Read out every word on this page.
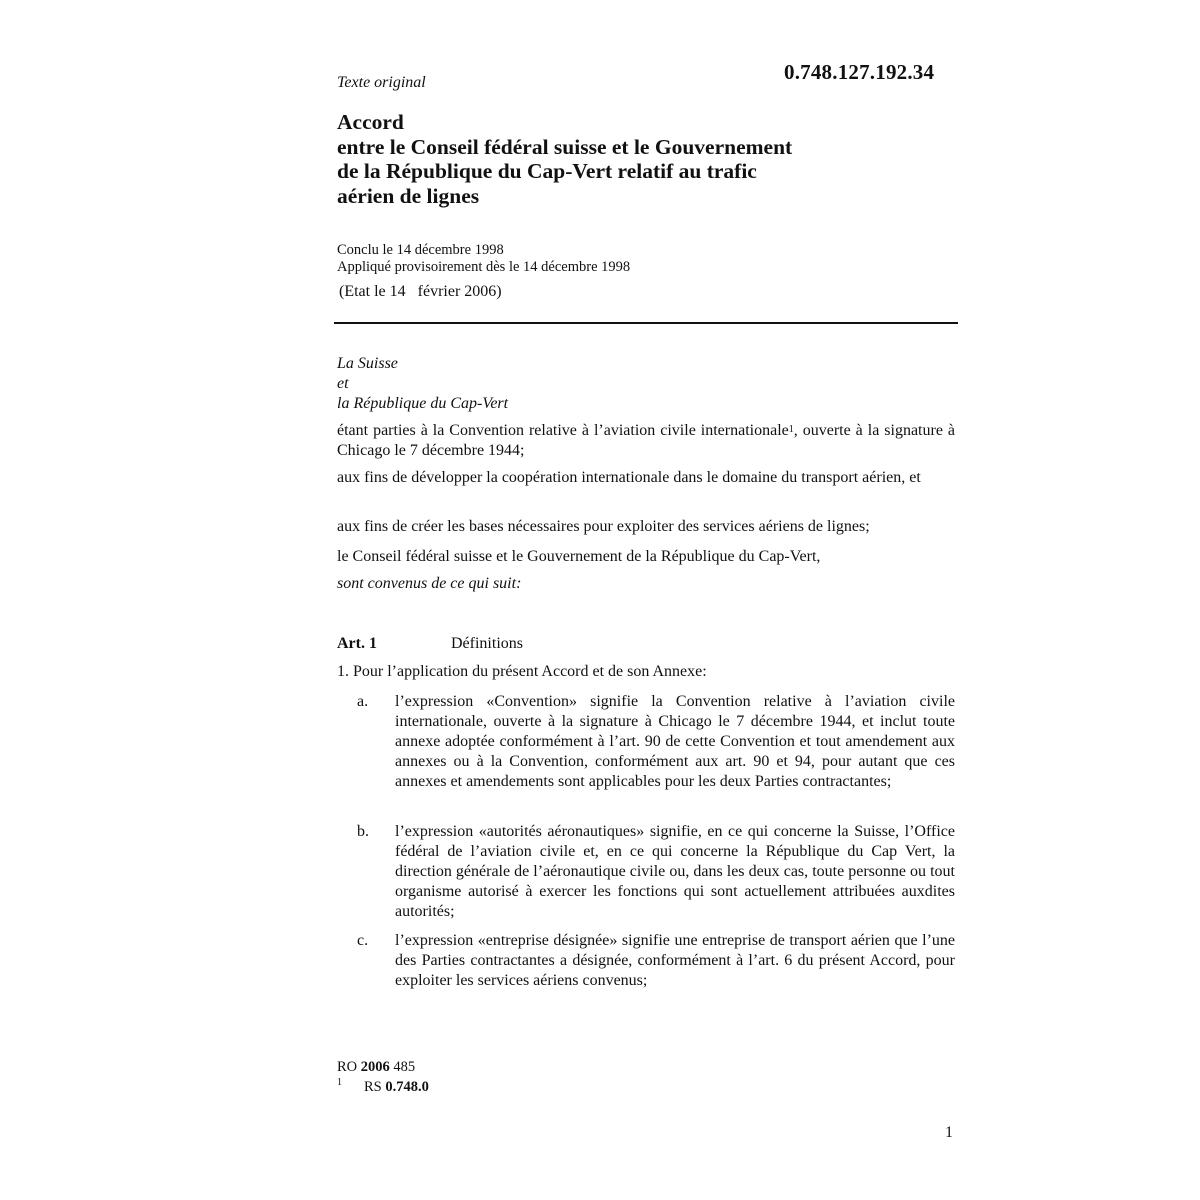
0.748.127.192.34
Texte original
Accord
entre le Conseil fédéral suisse et le Gouvernement
de la République du Cap-Vert relatif au trafic
aérien de lignes
Conclu le 14 décembre 1998
Appliqué provisoirement dès le 14 décembre 1998
(Etat le 14   février 2006)
La Suisse
et
la République du Cap-Vert
étant parties à la Convention relative à l’aviation civile internationale$^1$, ouverte à la signature à Chicago le 7 décembre 1944;
aux fins de développer la coopération internationale dans le domaine du transport aérien, et
aux fins de créer les bases nécessaires pour exploiter des services aériens de lignes;
le Conseil fédéral suisse et le Gouvernement de la République du Cap-Vert,
sont convenus de ce qui suit:
Art. 1	Définitions
1. Pour l’application du présent Accord et de son Annexe:
a. l’expression «Convention» signifie la Convention relative à l’aviation civile internationale, ouverte à la signature à Chicago le 7 décembre 1944, et inclut toute annexe adoptée conformément à l’art. 90 de cette Convention et tout amendement aux annexes ou à la Convention, conformément aux art. 90 et 94, pour autant que ces annexes et amendements sont applicables pour les deux Parties contractantes;
b. l’expression «autorités aéronautiques» signifie, en ce qui concerne la Suisse, l’Office fédéral de l’aviation civile et, en ce qui concerne la République du Cap Vert, la direction générale de l’aéronautique civile ou, dans les deux cas, toute personne ou tout organisme autorisé à exercer les fonctions qui sont actuellement attribuées auxdites autorités;
c. l’expression «entreprise désignée» signifie une entreprise de transport aérien que l’une des Parties contractantes a désignée, conformément à l’art. 6 du présent Accord, pour exploiter les services aériens convenus;
RO 2006 485
$^1$ RS 0.748.0
1
